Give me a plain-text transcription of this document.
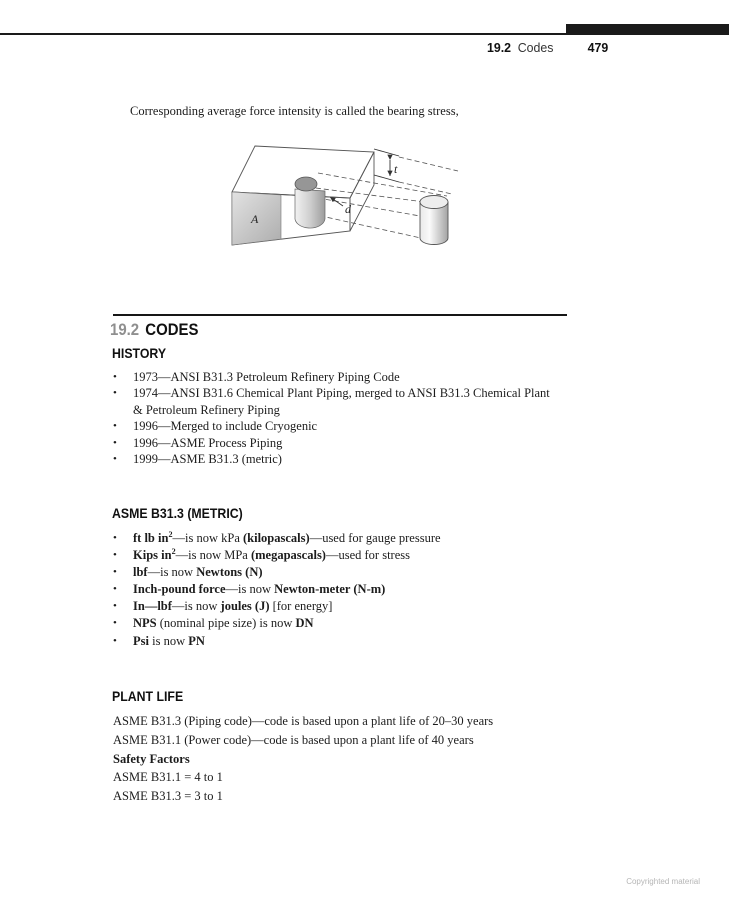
19.2 Codes	479
Corresponding average force intensity is called the bearing stress,
A
t
d
19.2 CODES
HISTORY
•	1973—ANSI B31.3 Petroleum Refinery Piping Code
•	1974—ANSI B31.6 Chemical Plant Piping, merged to ANSI B31.3 Chemical Plant & Petroleum Refinery Piping
•	1996—Merged to include Cryogenic
•	1996—ASME Process Piping
•	1999—ASME B31.3 (metric)
ASME B31.3 (METRIC)
•	ft lb $in^2—is$ now kPa (kilopascals)—used for gauge pressure
•	Kips $in^2—is$ now MPa (megapascals)—used for stress
•	lbf—is now Newtons (N)
•	Inch-pound force—is now Newton-meter (N-m)
•	In—lbf—is now joules (J) [for energy]
•	NPS (nominal pipe size) is now DN
•	Psi is now PN
PLANT LIFE
ASME B31.3 (Piping code)—code is based upon a plant life of 20–30 years
ASME B31.1 (Power code)—code is based upon a plant life of 40 years
Safety Factors
ASME B31.1 = 4 to 1
ASME B31.3 = 3 to 1
Copyrighted material
